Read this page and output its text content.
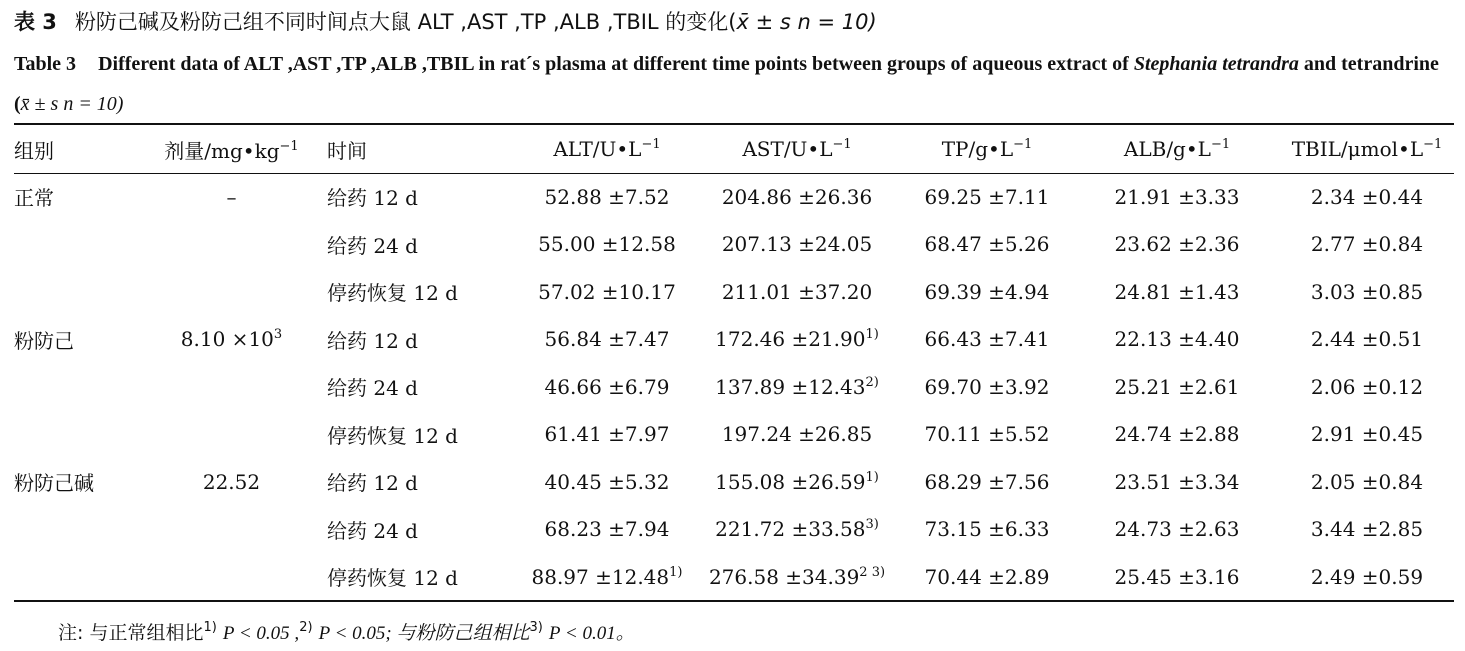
表 3 粉防己碱及粉防己组不同时间点大鼠 ALT ,AST ,TP ,ALB ,TBIL 的变化(x̄ ± s n = 10)
Table 3 Different data of ALT ,AST ,TP ,ALB ,TBIL in rat´s plasma at different time points between groups of aqueous extract of Stephania tetrandra and tetrandrine (x̄ ± s n = 10)
组别	剂量$/mg•kg^{-1}$	时间	ALT/$U•L^{-1}$	AST/$U•L^{-1}$	$TP/g•L^{-1}$	ALB/$g•L^{-1}$	TBIL/$\mu mol•L^{-1}$
正常	–	给药 12 d	52.88 ±7.52	204.86 ±26.36	69.25 ±7.11	21.91 ±3.33	2.34 ±0.44
		给药 24 d	55.00 ±12.58	207.13 ±24.05	68.47 ±5.26	23.62 ±2.36	2.77 ±0.84
		停药恢复 12 d	57.02 ±10.17	211.01 ±37.20	69.39 ±4.94	24.81 ±1.43	3.03 ±0.85
粉防己	$8.10 \times 10^3$	给药 12 d	56.84 ±7.47	$172.46 \pm 21.90^{1)}$	66.43 ±7.41	22.13 ±4.40	2.44 ±0.51
		给药 24 d	46.66 ±6.79	$137.89 \pm 12.43^{2)}$	69.70 ±3.92	25.21 ±2.61	2.06 ±0.12
		停药恢复 12 d	61.41 ±7.97	197.24 ±26.85	70.11 ±5.52	24.74 ±2.88	2.91 ±0.45
粉防己碱	22.52	给药 12 d	40.45 ±5.32	$155.08 \pm 26.59^{1)}$	68.29 ±7.56	23.51 ±3.34	2.05 ±0.84
		给药 24 d	68.23 ±7.94	$221.72 \pm 33.58^{3)}$	73.15 ±6.33	24.73 ±2.63	3.44 ±2.85
		停药恢复 12 d	$88.97 \pm 12.48^{1)}$	$276.58 \pm 34.39^{2 3)}$	70.44 ±2.89	25.45 ±3.16	2.49 ±0.59
注: 与正常组相比$^{1)}$ P < 0.05 ,$^{2)}$ P < 0.05; 与粉防己组相比$^{3)}$ P < 0.01。
